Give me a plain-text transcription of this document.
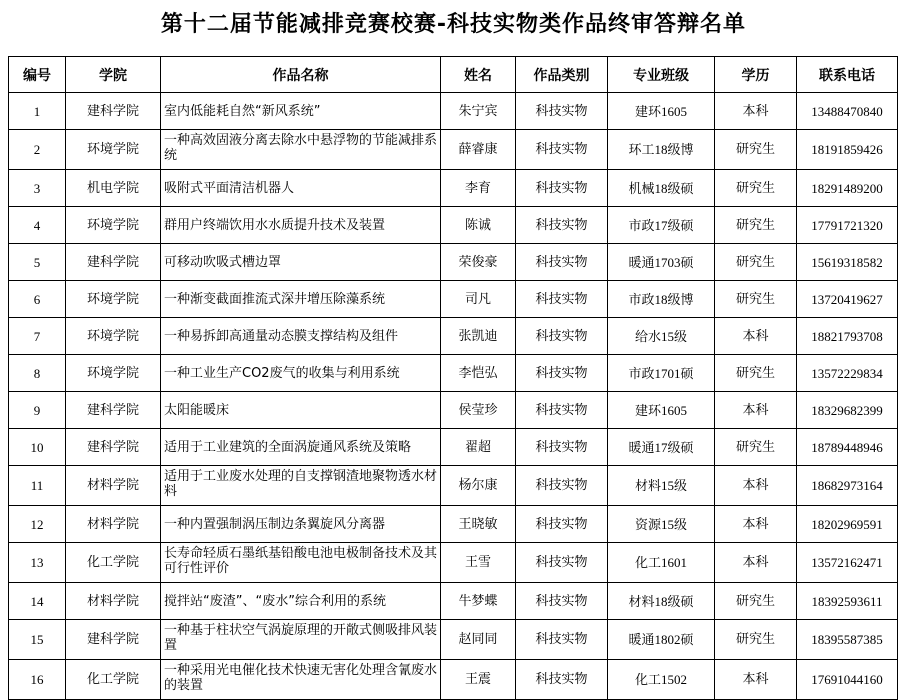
第十二届节能减排竞赛校赛-科技实物类作品终审答辩名单
编号	学院	作品名称	姓名	作品类别	专业班级	学历	联系电话
1	建科学院	室内低能耗自然“新风系统”	朱宁宾	科技实物	建环1605	本科	13488470840
2	环境学院	一种高效固液分离去除水中悬浮物的节能减排系统	薛睿康	科技实物	环工18级博	研究生	18191859426
3	机电学院	吸附式平面清洁机器人	李育	科技实物	机械18级硕	研究生	18291489200
4	环境学院	群用户终端饮用水水质提升技术及装置	陈诚	科技实物	市政17级硕	研究生	17791721320
5	建科学院	可移动吹吸式槽边罩	荣俊豪	科技实物	暖通1703硕	研究生	15619318582
6	环境学院	一种渐变截面推流式深井增压除藻系统	司凡	科技实物	市政18级博	研究生	13720419627
7	环境学院	一种易拆卸高通量动态膜支撑结构及组件	张凯迪	科技实物	给水15级	本科	18821793708
8	环境学院	一种工业生产CO2废气的收集与利用系统	李恺弘	科技实物	市政1701硕	研究生	13572229834
9	建科学院	太阳能暖床	侯莹珍	科技实物	建环1605	本科	18329682399
10	建科学院	适用于工业建筑的全面涡旋通风系统及策略	翟超	科技实物	暖通17级硕	研究生	18789448946
11	材料学院	适用于工业废水处理的自支撑钢渣地聚物透水材料	杨尔康	科技实物	材料15级	本科	18682973164
12	材料学院	一种内置强制涡压制边条翼旋风分离器	王晓敏	科技实物	资源15级	本科	18202969591
13	化工学院	长寿命轻质石墨纸基铅酸电池电极制备技术及其可行性评价	王雪	科技实物	化工1601	本科	13572162471
14	材料学院	搅拌站“废渣”、“废水”综合利用的系统	牛梦蝶	科技实物	材料18级硕	研究生	18392593611
15	建科学院	一种基于柱状空气涡旋原理的开敞式侧吸排风装置	赵同同	科技实物	暖通1802硕	研究生	18395587385
16	化工学院	一种采用光电催化技术快速无害化处理含氰废水的装置	王震	科技实物	化工1502	本科	17691044160
